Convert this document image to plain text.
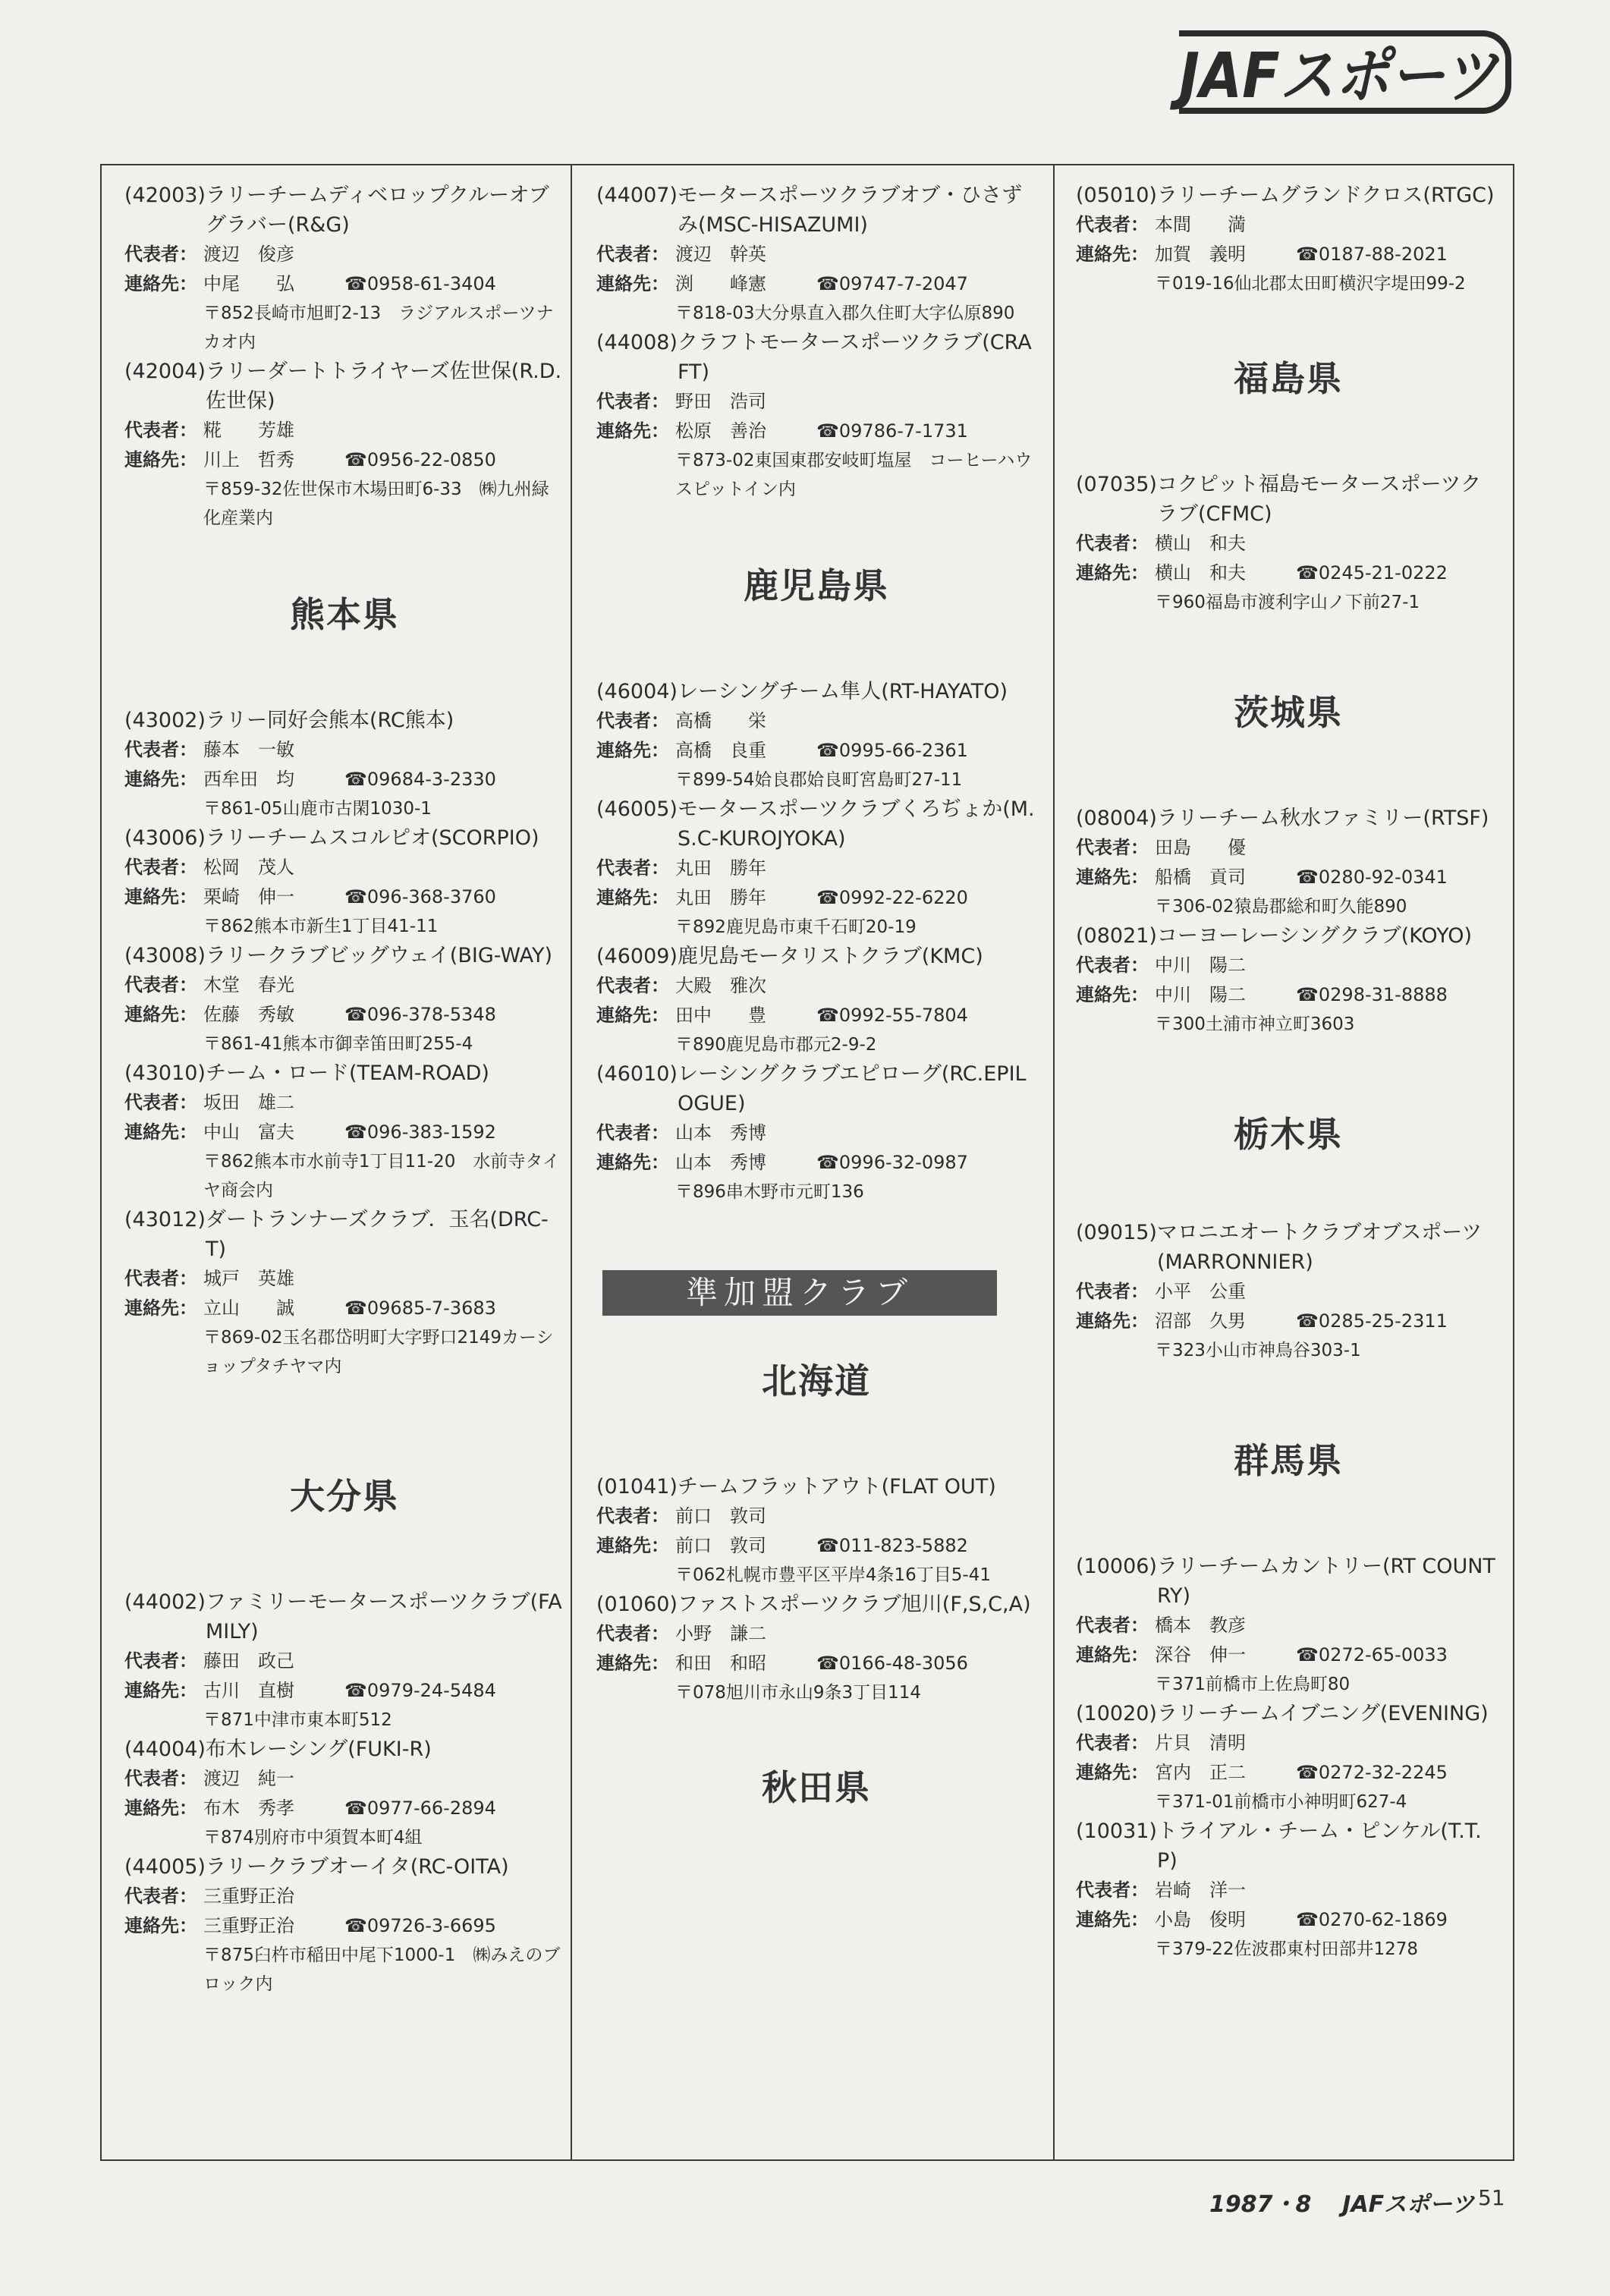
JAFスポーツ
(42003) ラリーチームディベロップクルーオブグラバー(R&G)
代表者： 渡辺　俊彦
連絡先： 中尾　　弘	☎0958-61-3404
〒852長崎市旭町2-13　ラジアルスポーツナカオ内
(42004) ラリーダートトライヤーズ佐世保(R.D.佐世保)
代表者： 糀　　芳雄
連絡先： 川上　哲秀	☎0956-22-0850
〒859-32佐世保市木場田町6-33　㈱九州緑化産業内
熊本県
(43002) ラリー同好会熊本(RC熊本)
代表者： 藤本　一敏
連絡先： 西牟田　均	☎09684-3-2330
〒861-05山鹿市古閑1030-1
(43006) ラリーチームスコルピオ(SCORPIO)
代表者： 松岡　茂人
連絡先： 栗崎　伸一	☎096-368-3760
〒862熊本市新生1丁目41-11
(43008) ラリークラブビッグウェイ(BIG-WAY)
代表者： 木堂　春光
連絡先： 佐藤　秀敏	☎096-378-5348
〒861-41熊本市御幸笛田町255-4
(43010) チーム・ロード(TEAM-ROAD)
代表者： 坂田　雄二
連絡先： 中山　富夫	☎096-383-1592
〒862熊本市水前寺1丁目11-20　水前寺タイヤ商会内
(43012) ダートランナーズクラブ．玉名(DRC-T)
代表者： 城戸　英雄
連絡先： 立山　　誠	☎09685-7-3683
〒869-02玉名郡岱明町大字野口2149カーショップタチヤマ内
大分県
(44002) ファミリーモータースポーツクラブ(FAMILY)
代表者： 藤田　政己
連絡先： 古川　直樹	☎0979-24-5484
〒871中津市東本町512
(44004) 布木レーシング(FUKI-R)
代表者： 渡辺　純一
連絡先： 布木　秀孝	☎0977-66-2894
〒874別府市中須賀本町4組
(44005) ラリークラブオーイタ(RC-OITA)
代表者： 三重野正治
連絡先： 三重野正治	☎09726-3-6695
〒875臼杵市稲田中尾下1000-1　㈱みえのブロック内
(44007) モータースポーツクラブオブ・ひさずみ(MSC-HISAZUMI)
代表者： 渡辺　幹英
連絡先： 渕　　峰憲	☎09747-7-2047
〒818-03大分県直入郡久住町大字仏原890
(44008) クラフトモータースポーツクラブ(CRAFT)
代表者： 野田　浩司
連絡先： 松原　善治	☎09786-7-1731
〒873-02東国東郡安岐町塩屋　コーヒーハウスピットイン内
鹿児島県
(46004) レーシングチーム隼人(RT-HAYATO)
代表者： 高橋　　栄
連絡先： 高橋　良重	☎0995-66-2361
〒899-54姶良郡姶良町宮島町27-11
(46005) モータースポーツクラブくろぢょか(M.S.C-KUROJYOKA)
代表者： 丸田　勝年
連絡先： 丸田　勝年	☎0992-22-6220
〒892鹿児島市東千石町20-19
(46009) 鹿児島モータリストクラブ(KMC)
代表者： 大殿　雅次
連絡先： 田中　　豊	☎0992-55-7804
〒890鹿児島市郡元2-9-2
(46010) レーシングクラブエピローグ(RC.EPILOGUE)
代表者： 山本　秀博
連絡先： 山本　秀博	☎0996-32-0987
〒896串木野市元町136
準加盟クラブ
北海道
(01041) チームフラットアウト(FLAT OUT)
代表者： 前口　敦司
連絡先： 前口　敦司	☎011-823-5882
〒062札幌市豊平区平岸4条16丁目5-41
(01060) ファストスポーツクラブ旭川(F,S,C,A)
代表者： 小野　謙二
連絡先： 和田　和昭	☎0166-48-3056
〒078旭川市永山9条3丁目114
秋田県
(05010) ラリーチームグランドクロス(RTGC)
代表者： 本間　　満
連絡先： 加賀　義明	☎0187-88-2021
〒019-16仙北郡太田町横沢字堤田99-2
福島県
(07035) コクピット福島モータースポーツクラブ(CFMC)
代表者： 横山　和夫
連絡先： 横山　和夫	☎0245-21-0222
〒960福島市渡利字山ノ下前27-1
茨城県
(08004) ラリーチーム秋水ファミリー(RTSF)
代表者： 田島　　優
連絡先： 船橋　貢司	☎0280-92-0341
〒306-02猿島郡総和町久能890
(08021) コーヨーレーシングクラブ(KOYO)
代表者： 中川　陽二
連絡先： 中川　陽二	☎0298-31-8888
〒300土浦市神立町3603
栃木県
(09015) マロニエオートクラブオブスポーツ(MARRONNIER)
代表者： 小平　公重
連絡先： 沼部　久男	☎0285-25-2311
〒323小山市神鳥谷303-1
群馬県
(10006) ラリーチームカントリー(RT COUNTRY)
代表者： 橋本　教彦
連絡先： 深谷　伸一	☎0272-65-0033
〒371前橋市上佐鳥町80
(10020) ラリーチームイブニング(EVENING)
代表者： 片貝　清明
連絡先： 宮内　正二	☎0272-32-2245
〒371-01前橋市小神明町627-4
(10031) トライアル・チーム・ピンケル(T.T.P)
代表者： 岩崎　洋一
連絡先： 小島　俊明	☎0270-62-1869
〒379-22佐波郡東村田部井1278
1987・8 JAFスポーツ 51
